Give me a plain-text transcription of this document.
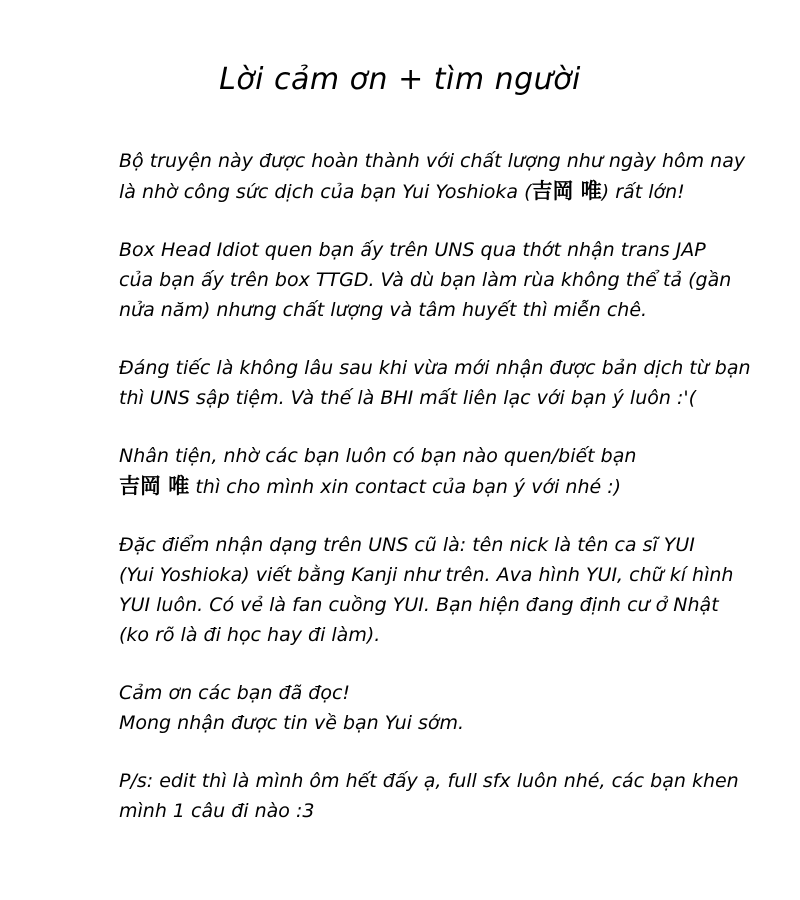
Lời cảm ơn + tìm người
Bộ truyện này được hoàn thành với chất lượng như ngày hôm nay
là nhờ công sức dịch của bạn Yui Yoshioka (吉岡 唯) rất lớn!
Box Head Idiot quen bạn ấy trên UNS qua thớt nhận trans JAP
của bạn ấy trên box TTGD. Và dù bạn làm rùa không thể tả (gần
nửa năm) nhưng chất lượng và tâm huyết thì miễn chê.
Đáng tiếc là không lâu sau khi vừa mới nhận được bản dịch từ bạn
thì UNS sập tiệm. Và thế là BHI mất liên lạc với bạn ý luôn :'(
Nhân tiện, nhờ các bạn luôn có bạn nào quen/biết bạn
吉岡 唯 thì cho mình xin contact của bạn ý với nhé :)
Đặc điểm nhận dạng trên UNS cũ là: tên nick là tên ca sĩ YUI
(Yui Yoshioka) viết bằng Kanji như trên. Ava hình YUI, chữ kí hình
YUI luôn. Có vẻ là fan cuồng YUI. Bạn hiện đang định cư ở Nhật
(ko rõ là đi học hay đi làm).
Cảm ơn các bạn đã đọc!
Mong nhận được tin về bạn Yui sớm.
P/s: edit thì là mình ôm hết đấy ạ, full sfx luôn nhé, các bạn khen
mình 1 câu đi nào :3
